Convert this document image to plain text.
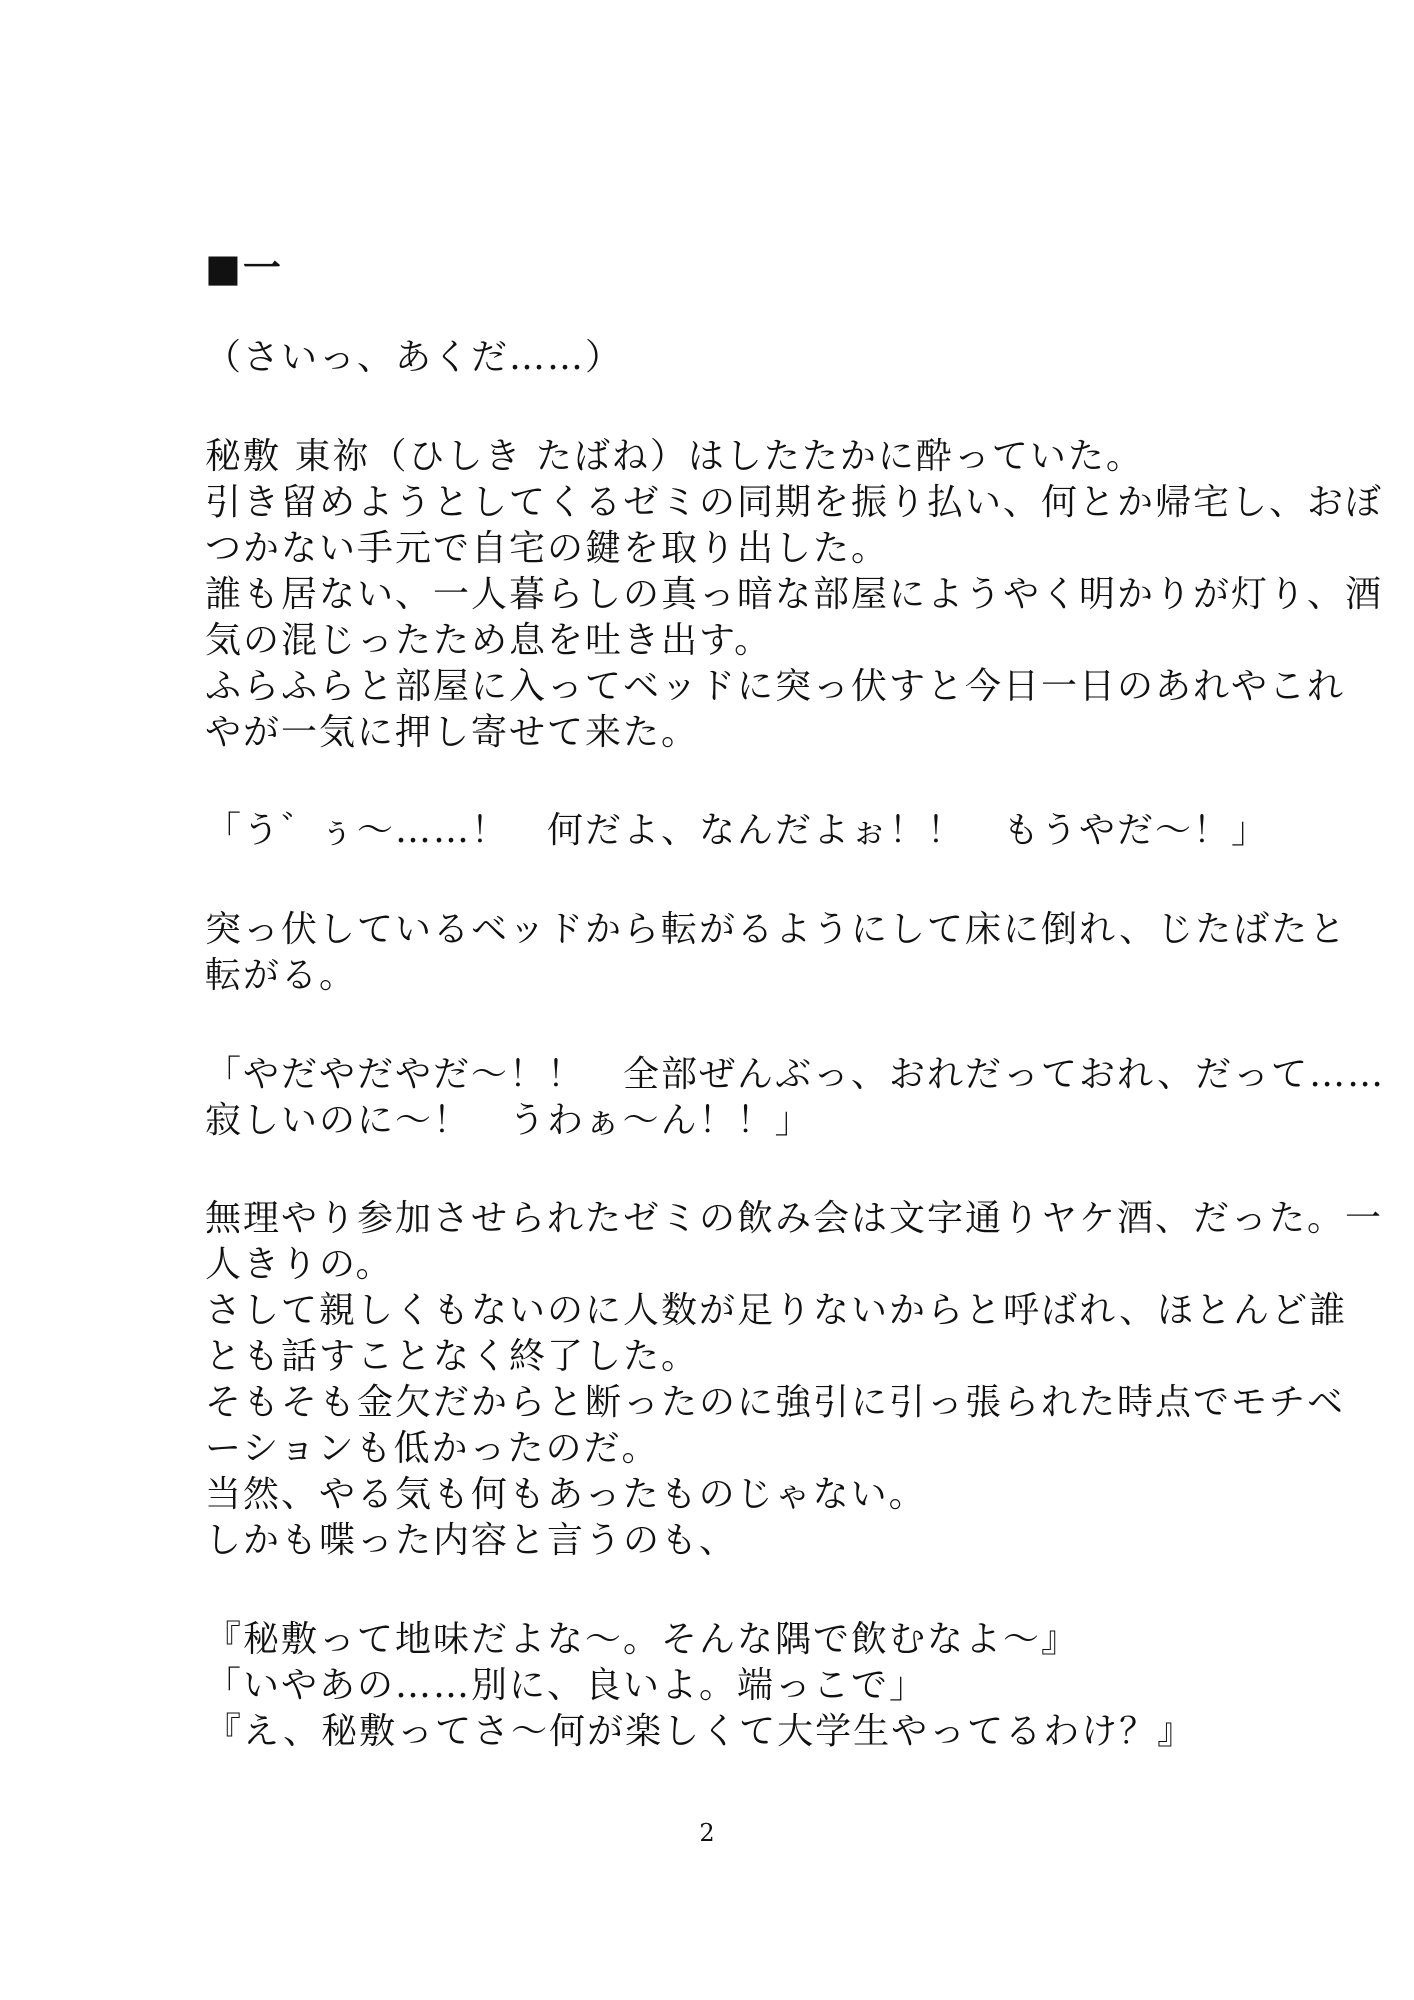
■一
（さいっ、あくだ……）
秘敷 東祢（ひしき たばね）はしたたかに酔っていた。
引き留めようとしてくるゼミの同期を振り払い、何とか帰宅し、おぼ
つかない手元で自宅の鍵を取り出した。
誰も居ない、一人暮らしの真っ暗な部屋にようやく明かりが灯り、酒
気の混じったため息を吐き出す。
ふらふらと部屋に入ってベッドに突っ伏すと今日一日のあれやこれ
やが一気に押し寄せて来た。
「う゛ぅ～……！　何だよ、なんだよぉ！！　もうやだ～！」
突っ伏しているベッドから転がるようにして床に倒れ、じたばたと
転がる。
「やだやだやだ～！！　全部ぜんぶっ、おれだっておれ、だって……
寂しいのに～！　うわぁ～ん！！」
無理やり参加させられたゼミの飲み会は文字通りヤケ酒、だった。一
人きりの。
さして親しくもないのに人数が足りないからと呼ばれ、ほとんど誰
とも話すことなく終了した。
そもそも金欠だからと断ったのに強引に引っ張られた時点でモチベ
ーションも低かったのだ。
当然、やる気も何もあったものじゃない。
しかも喋った内容と言うのも、
『秘敷って地味だよな～。そんな隅で飲むなよ～』
「いやあの……別に、良いよ。端っこで」
『え、秘敷ってさ～何が楽しくて大学生やってるわけ？』
2
